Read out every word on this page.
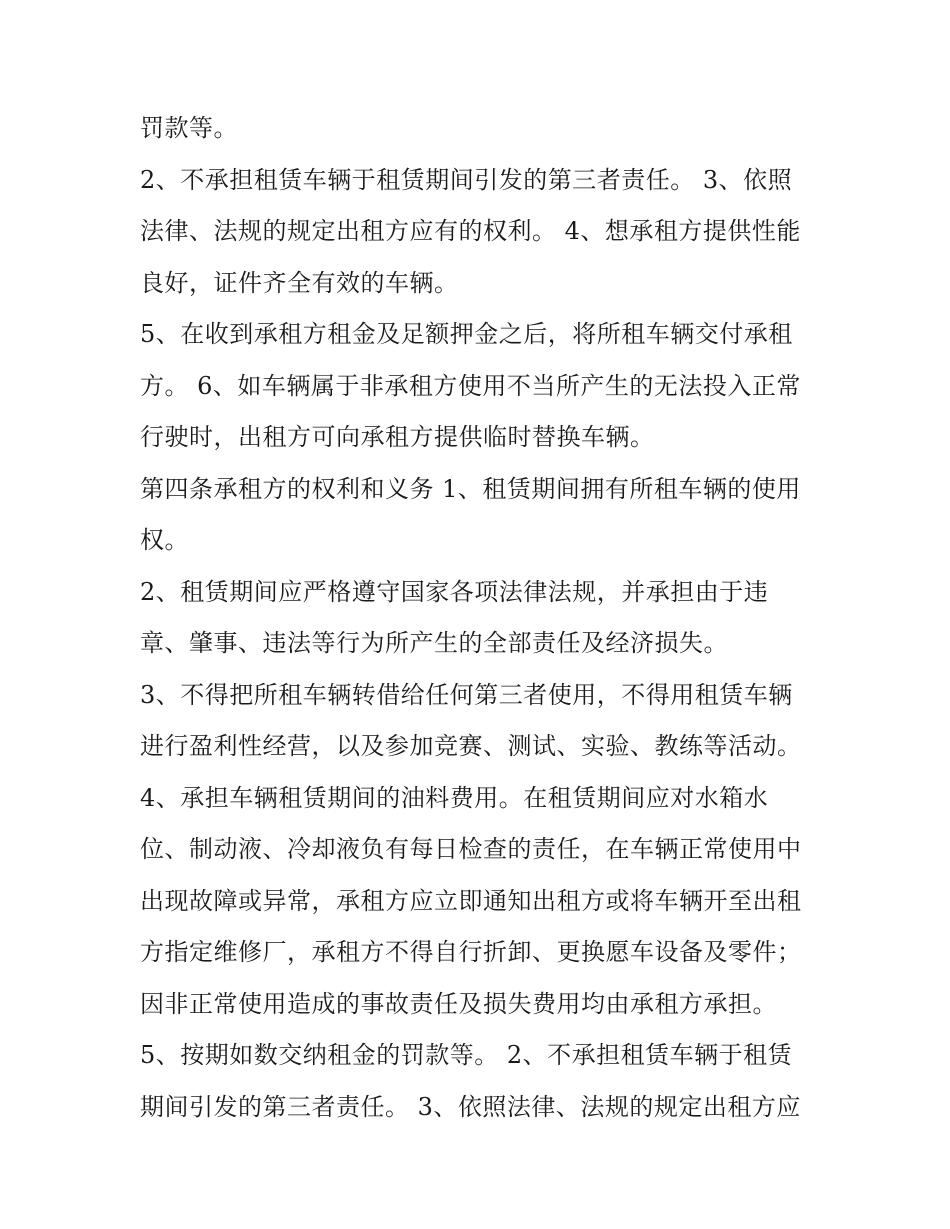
罚款等。
2、不承担租赁车辆于租赁期间引发的第三者责任。 3、依照
法律、法规的规定出租方应有的权利。 4、想承租方提供性能
良好，证件齐全有效的车辆。
5、在收到承租方租金及足额押金之后，将所租车辆交付承租
方。 6、如车辆属于非承租方使用不当所产生的无法投入正常
行驶时，出租方可向承租方提供临时替换车辆。
第四条承租方的权利和义务 1、租赁期间拥有所租车辆的使用
权。
2、租赁期间应严格遵守国家各项法律法规，并承担由于违
章、肇事、违法等行为所产生的全部责任及经济损失。
3、不得把所租车辆转借给任何第三者使用，不得用租赁车辆
进行盈利性经营，以及参加竞赛、测试、实验、教练等活动。
4、承担车辆租赁期间的油料费用。在租赁期间应对水箱水
位、制动液、冷却液负有每日检查的责任，在车辆正常使用中
出现故障或异常，承租方应立即通知出租方或将车辆开至出租
方指定维修厂，承租方不得自行折卸、更换愿车设备及零件；
因非正常使用造成的事故责任及损失费用均由承租方承担。
5、按期如数交纳租金的罚款等。 2、不承担租赁车辆于租赁
期间引发的第三者责任。 3、依照法律、法规的规定出租方应
